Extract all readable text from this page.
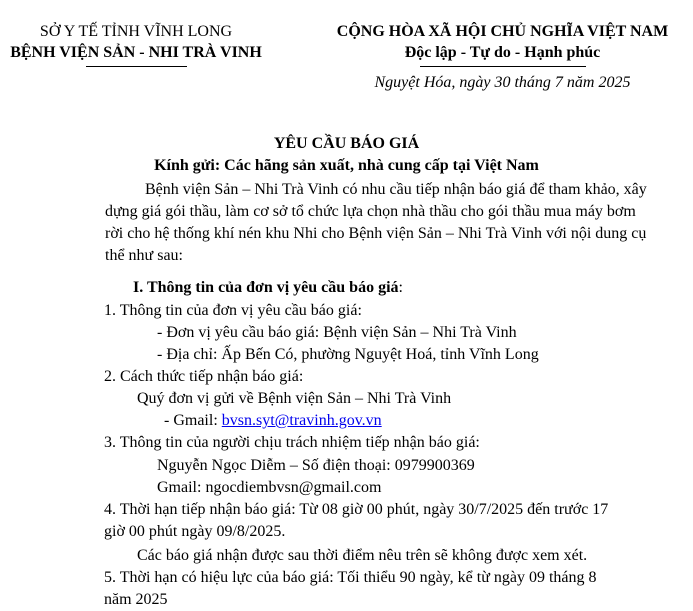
SỞ Y TẾ TỈNH VĨNH LONG
BỆNH VIỆN SẢN - NHI TRÀ VINH
CỘNG HÒA XÃ HỘI CHỦ NGHĨA VIỆT NAM
Độc lập - Tự do - Hạnh phúc
Nguyệt Hóa, ngày 30 tháng 7 năm 2025
YÊU CẦU BÁO GIÁ
Kính gửi: Các hãng sản xuất, nhà cung cấp tại Việt Nam
Bệnh viện Sản – Nhi Trà Vinh có nhu cầu tiếp nhận báo giá để tham khảo, xây
dựng giá gói thầu, làm cơ sở tổ chức lựa chọn nhà thầu cho gói thầu mua máy bơm
rời cho hệ thống khí nén khu Nhi cho Bệnh viện Sản – Nhi Trà Vinh với nội dung cụ
thể như sau:
I. Thông tin của đơn vị yêu cầu báo giá:
1. Thông tin của đơn vị yêu cầu báo giá:
- Đơn vị yêu cầu báo giá: Bệnh viện Sản – Nhi Trà Vinh
- Địa chỉ: Ấp Bến Có, phường Nguyệt Hoá, tỉnh Vĩnh Long
2. Cách thức tiếp nhận báo giá:
Quý đơn vị gửi về Bệnh viện Sản – Nhi Trà Vinh
- Gmail: bvsn.syt@travinh.gov.vn
3. Thông tin của người chịu trách nhiệm tiếp nhận báo giá:
Nguyễn Ngọc Diễm – Số điện thoại: 0979900369
Gmail: ngocdiembvsn@gmail.com
4. Thời hạn tiếp nhận báo giá: Từ 08 giờ 00 phút, ngày 30/7/2025 đến trước 17
giờ 00 phút ngày 09/8/2025.
Các báo giá nhận được sau thời điểm nêu trên sẽ không được xem xét.
5. Thời hạn có hiệu lực của báo giá: Tối thiểu 90 ngày, kể từ ngày 09 tháng 8
năm 2025
